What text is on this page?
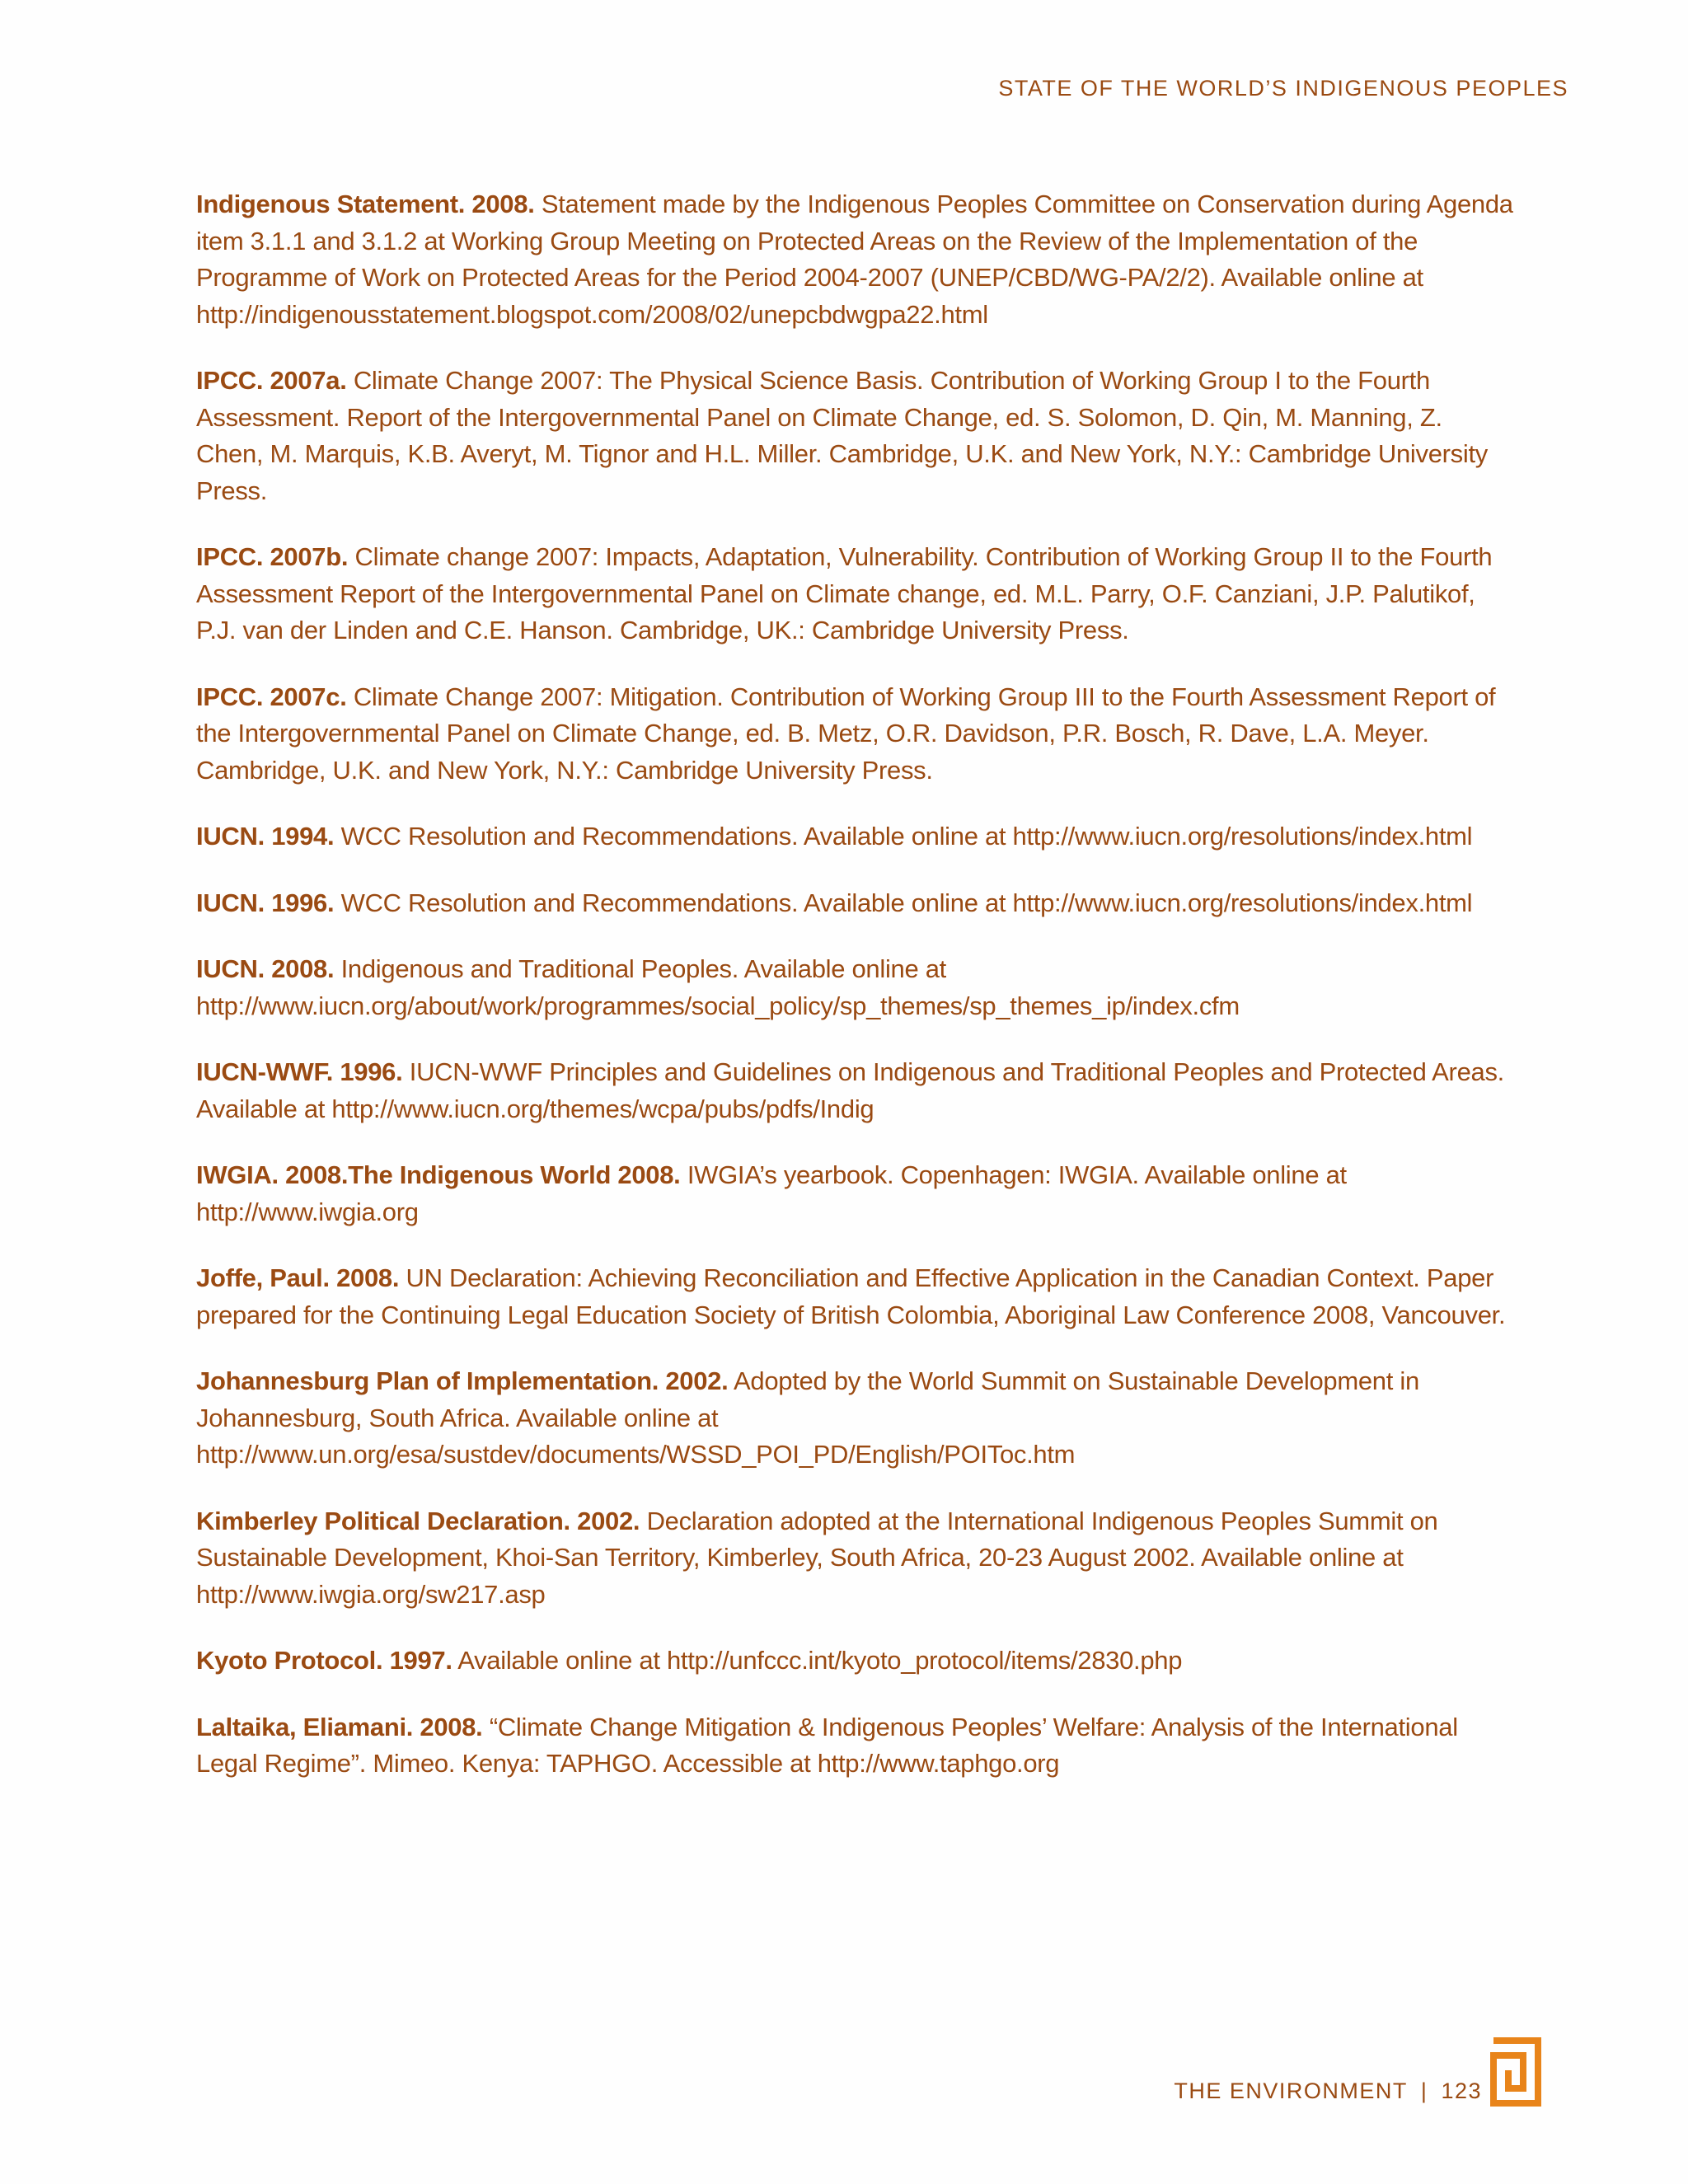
STATE OF THE WORLD’S INDIGENOUS PEOPLES

Indigenous Statement. 2008. Statement made by the Indigenous Peoples Committee on Conservation during Agenda item 3.1.1 and 3.1.2 at Working Group Meeting on Protected Areas on the Review of the Implementation of the Programme of Work on Protected Areas for the Period 2004-2007 (UNEP/CBD/WG-PA/2/2). Available online at http://indigenousstatement.blogspot.com/2008/02/unepcbdwgpa22.html

IPCC. 2007a. Climate Change 2007: The Physical Science Basis. Contribution of Working Group I to the Fourth Assessment. Report of the Intergovernmental Panel on Climate Change, ed. S. Solomon, D. Qin, M. Manning, Z. Chen, M. Marquis, K.B. Averyt, M. Tignor and H.L. Miller. Cambridge, U.K. and New York, N.Y.: Cambridge University Press.

IPCC. 2007b. Climate change 2007: Impacts, Adaptation, Vulnerability. Contribution of Working Group II to the Fourth Assessment Report of the Intergovernmental Panel on Climate change, ed. M.L. Parry, O.F. Canziani, J.P. Palutikof, P.J. van der Linden and C.E. Hanson. Cambridge, UK.: Cambridge University Press.

IPCC. 2007c. Climate Change 2007: Mitigation. Contribution of Working Group III to the Fourth Assessment Report of the Intergovernmental Panel on Climate Change, ed. B. Metz, O.R. Davidson, P.R. Bosch, R. Dave, L.A. Meyer. Cambridge, U.K. and New York, N.Y.: Cambridge University Press.

IUCN. 1994. WCC Resolution and Recommendations. Available online at http://www.iucn.org/resolutions/index.html

IUCN. 1996. WCC Resolution and Recommendations. Available online at http://www.iucn.org/resolutions/index.html

IUCN. 2008. Indigenous and Traditional Peoples. Available online at http://www.iucn.org/about/work/programmes/social_policy/sp_themes/sp_themes_ip/index.cfm

IUCN-WWF. 1996. IUCN-WWF Principles and Guidelines on Indigenous and Traditional Peoples and Protected Areas. Available at http://www.iucn.org/themes/wcpa/pubs/pdfs/Indig

IWGIA. 2008.The Indigenous World 2008. IWGIA’s yearbook. Copenhagen: IWGIA. Available online at http://www.iwgia.org

Joffe, Paul. 2008. UN Declaration: Achieving Reconciliation and Effective Application in the Canadian Context. Paper prepared for the Continuing Legal Education Society of British Colombia, Aboriginal Law Conference 2008, Vancouver.

Johannesburg Plan of Implementation. 2002. Adopted by the World Summit on Sustainable Development in Johannesburg, South Africa. Available online at http://www.un.org/esa/sustdev/documents/WSSD_POI_PD/English/POIToc.htm

Kimberley Political Declaration. 2002. Declaration adopted at the International Indigenous Peoples Summit on Sustainable Development, Khoi-San Territory, Kimberley, South Africa, 20-23 August 2002. Available online at http://www.iwgia.org/sw217.asp

Kyoto Protocol. 1997. Available online at http://unfccc.int/kyoto_protocol/items/2830.php

Laltaika, Eliamani. 2008. “Climate Change Mitigation & Indigenous Peoples’ Welfare: Analysis of the International Legal Regime”. Mimeo. Kenya: TAPHGO. Accessible at http://www.taphgo.org

THE ENVIRONMENT | 123
